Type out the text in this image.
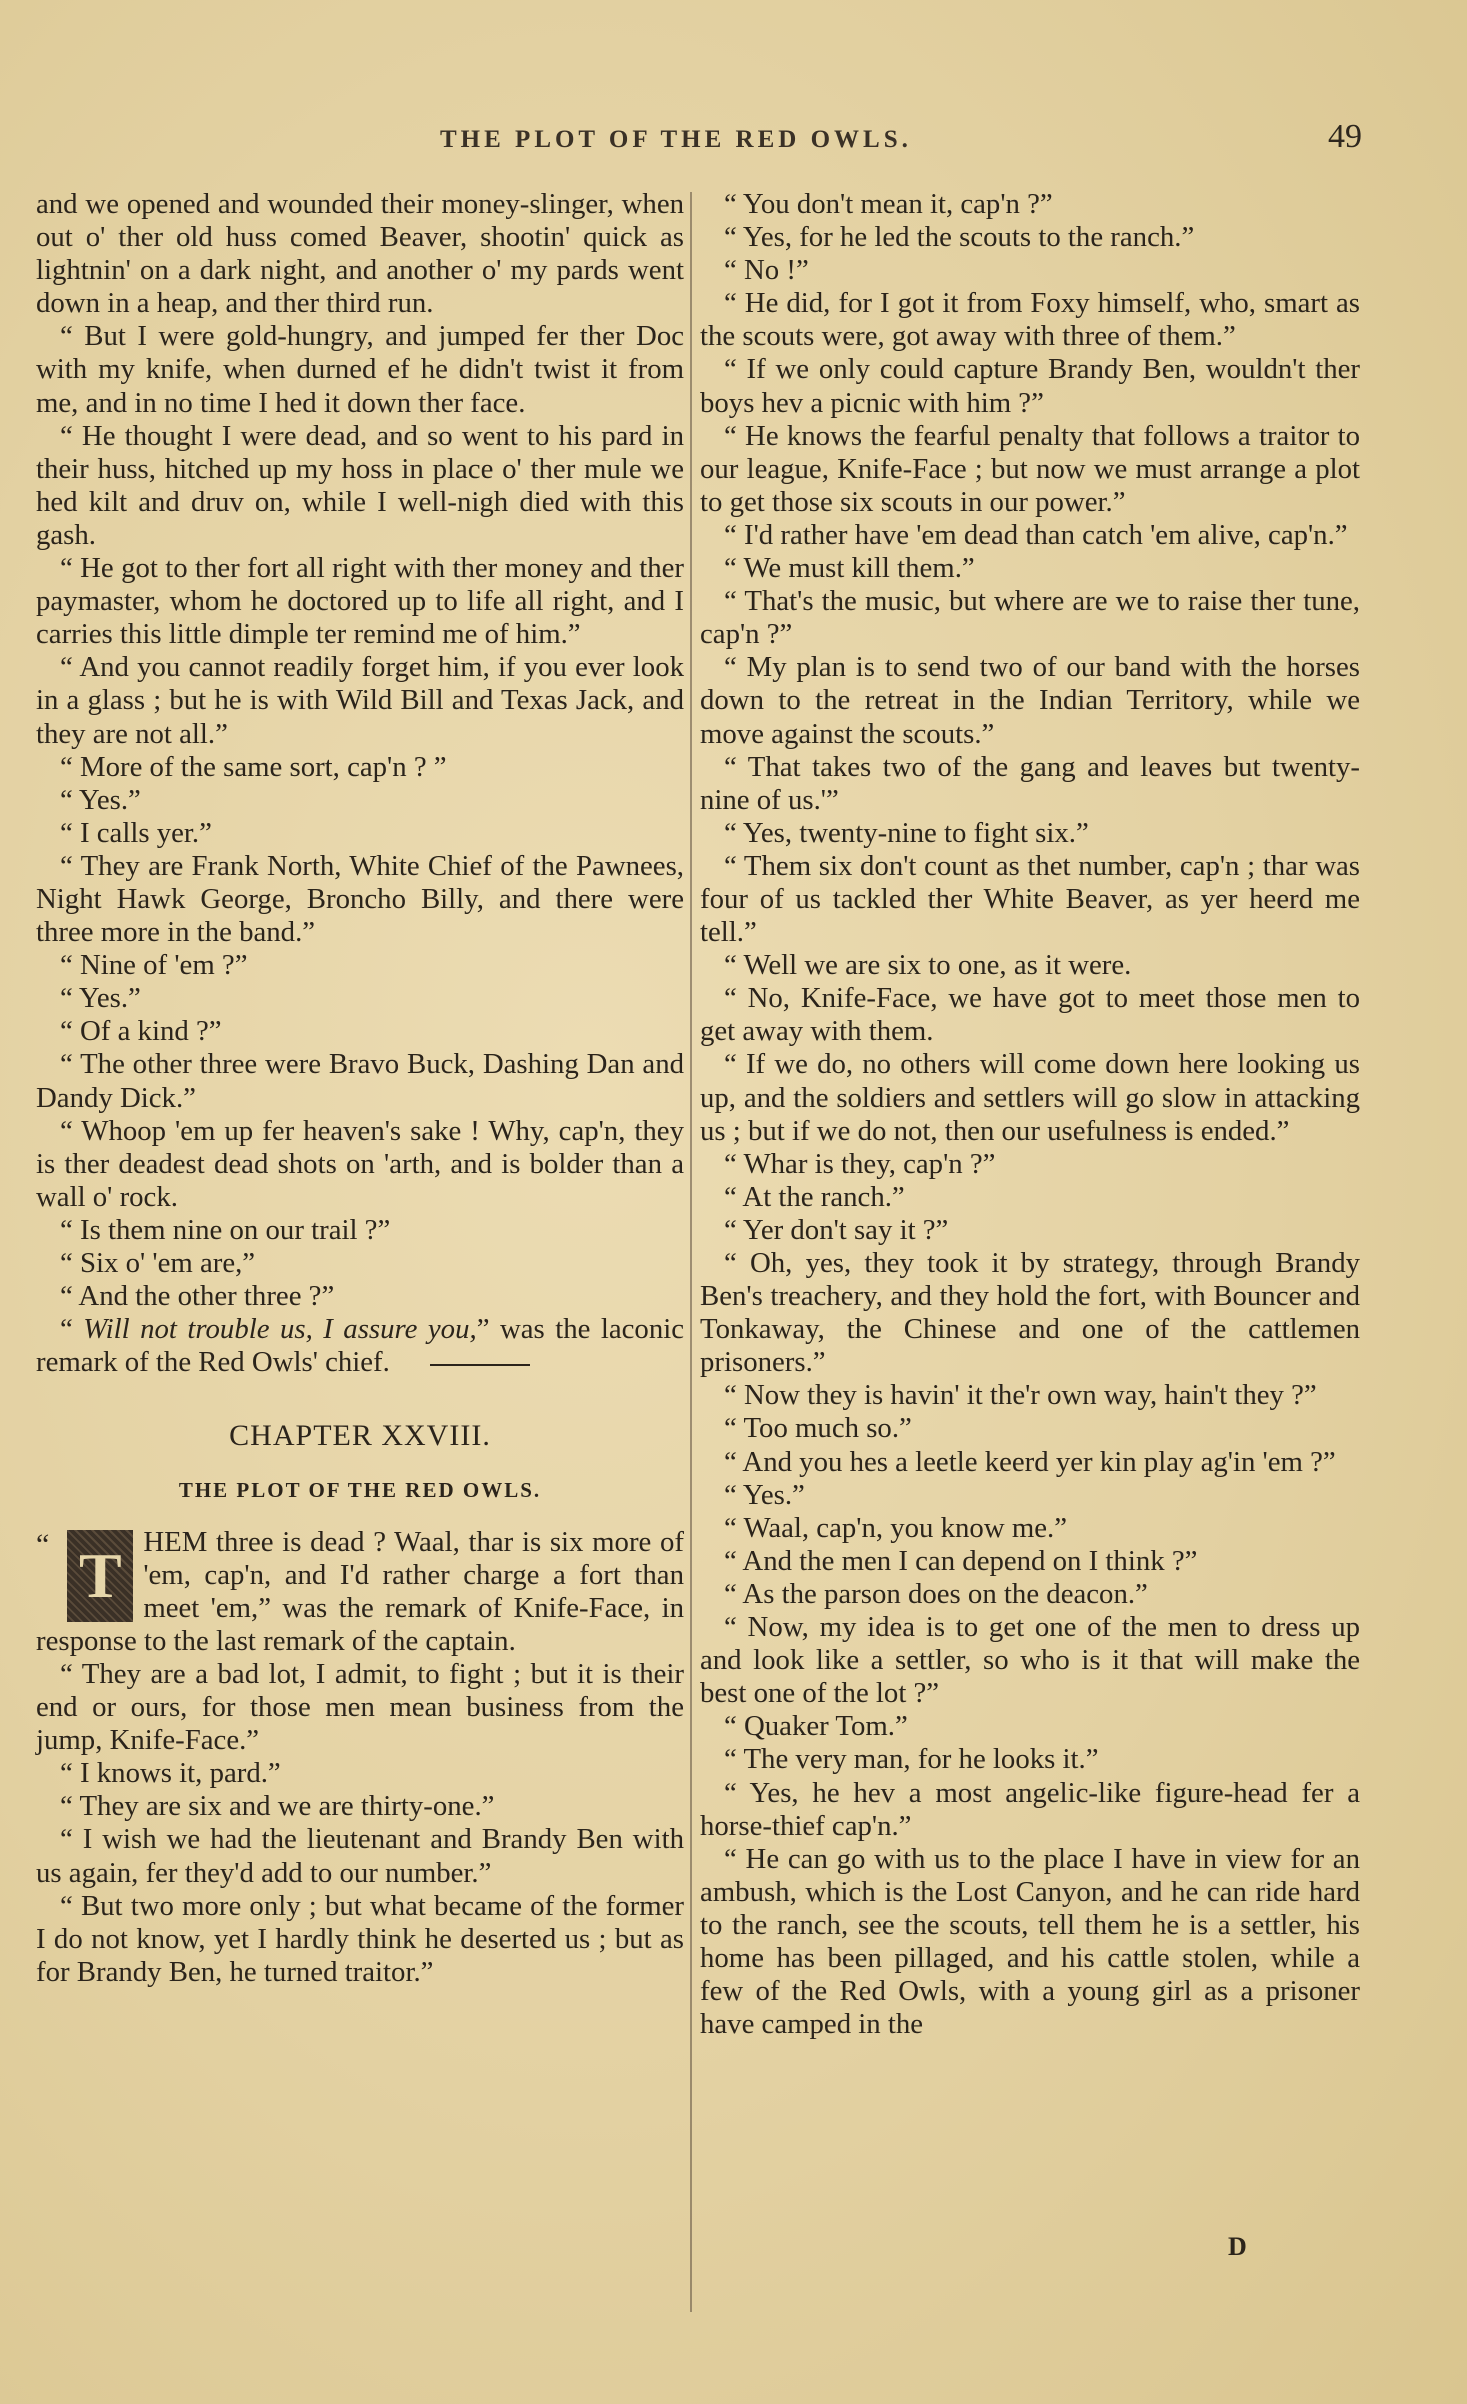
THE PLOT OF THE RED OWLS.	49

and we opened and wounded their money-slinger, when out o' ther old huss comed Beaver, shootin' quick as lightnin' on a dark night, and another o' my pards went down in a heap, and ther third run.

“ But I were gold-hungry, and jumped fer ther Doc with my knife, when durned ef he didn't twist it from me, and in no time I hed it down ther face.

“ He thought I were dead, and so went to his pard in their huss, hitched up my hoss in place o' ther mule we hed kilt and druv on, while I well-nigh died with this gash.

“ He got to ther fort all right with ther money and ther paymaster, whom he doctored up to life all right, and I carries this little dimple ter remind me of him.”

“ And you cannot readily forget him, if you ever look in a glass ; but he is with Wild Bill and Texas Jack, and they are not all.”

“ More of the same sort, cap'n ? ”

“ Yes.”

“ I calls yer.”

“ They are Frank North, White Chief of the Pawnees, Night Hawk George, Broncho Billy, and there were three more in the band.”

“ Nine of 'em ?”

“ Yes.”

“ Of a kind ?”

“ The other three were Bravo Buck, Dashing Dan and Dandy Dick.”

“ Whoop 'em up fer heaven's sake ! Why, cap'n, they is ther deadest dead shots on 'arth, and is bolder than a wall o' rock.

“ Is them nine on our trail ?”

“ Six o' 'em are,”

“ And the other three ?”

“ Will not trouble us, I assure you,” was the laconic remark of the Red Owls' chief.

CHAPTER XXVIII.

THE PLOT OF THE RED OWLS.

“ T HEM three is dead ? Waal, thar is six more of 'em, cap'n, and I'd rather charge a fort than meet 'em,” was the remark of Knife-Face, in response to the last remark of the captain.

“ They are a bad lot, I admit, to fight ; but it is their end or ours, for those men mean business from the jump, Knife-Face.”

“ I knows it, pard.”

“ They are six and we are thirty-one.”

“ I wish we had the lieutenant and Brandy Ben with us again, fer they'd add to our number.”

“ But two more only ; but what became of the former I do not know, yet I hardly think he deserted us ; but as for Brandy Ben, he turned traitor.”

“ You don't mean it, cap'n ?”

“ Yes, for he led the scouts to the ranch.”

“ No !”

“ He did, for I got it from Foxy himself, who, smart as the scouts were, got away with three of them.”

“ If we only could capture Brandy Ben, wouldn't ther boys hev a picnic with him ?”

“ He knows the fearful penalty that follows a traitor to our league, Knife-Face ; but now we must arrange a plot to get those six scouts in our power.”

“ I'd rather have 'em dead than catch 'em alive, cap'n.”

“ We must kill them.”

“ That's the music, but where are we to raise ther tune, cap'n ?”

“ My plan is to send two of our band with the horses down to the retreat in the Indian Territory, while we move against the scouts.”

“ That takes two of the gang and leaves but twenty-nine of us.'”

“ Yes, twenty-nine to fight six.”

“ Them six don't count as thet number, cap'n ; thar was four of us tackled ther White Beaver, as yer heerd me tell.”

“ Well we are six to one, as it were.

“ No, Knife-Face, we have got to meet those men to get away with them.

“ If we do, no others will come down here looking us up, and the soldiers and settlers will go slow in attacking us ; but if we do not, then our usefulness is ended.”

“ Whar is they, cap'n ?”

“ At the ranch.”

“ Yer don't say it ?”

“ Oh, yes, they took it by strategy, through Brandy Ben's treachery, and they hold the fort, with Bouncer and Tonkaway, the Chinese and one of the cattlemen prisoners.”

“ Now they is havin' it the'r own way, hain't they ?”

“ Too much so.”

“ And you hes a leetle keerd yer kin play ag'in 'em ?”

“ Yes.”

“ Waal, cap'n, you know me.”

“ And the men I can depend on I think ?”

“ As the parson does on the deacon.”

“ Now, my idea is to get one of the men to dress up and look like a settler, so who is it that will make the best one of the lot ?”

“ Quaker Tom.”

“ The very man, for he looks it.”

“ Yes, he hev a most angelic-like figure-head fer a horse-thief cap'n.”

“ He can go with us to the place I have in view for an ambush, which is the Lost Canyon, and he can ride hard to the ranch, see the scouts, tell them he is a settler, his home has been pillaged, and his cattle stolen, while a few of the Red Owls, with a young girl as a prisoner have camped in the

D
